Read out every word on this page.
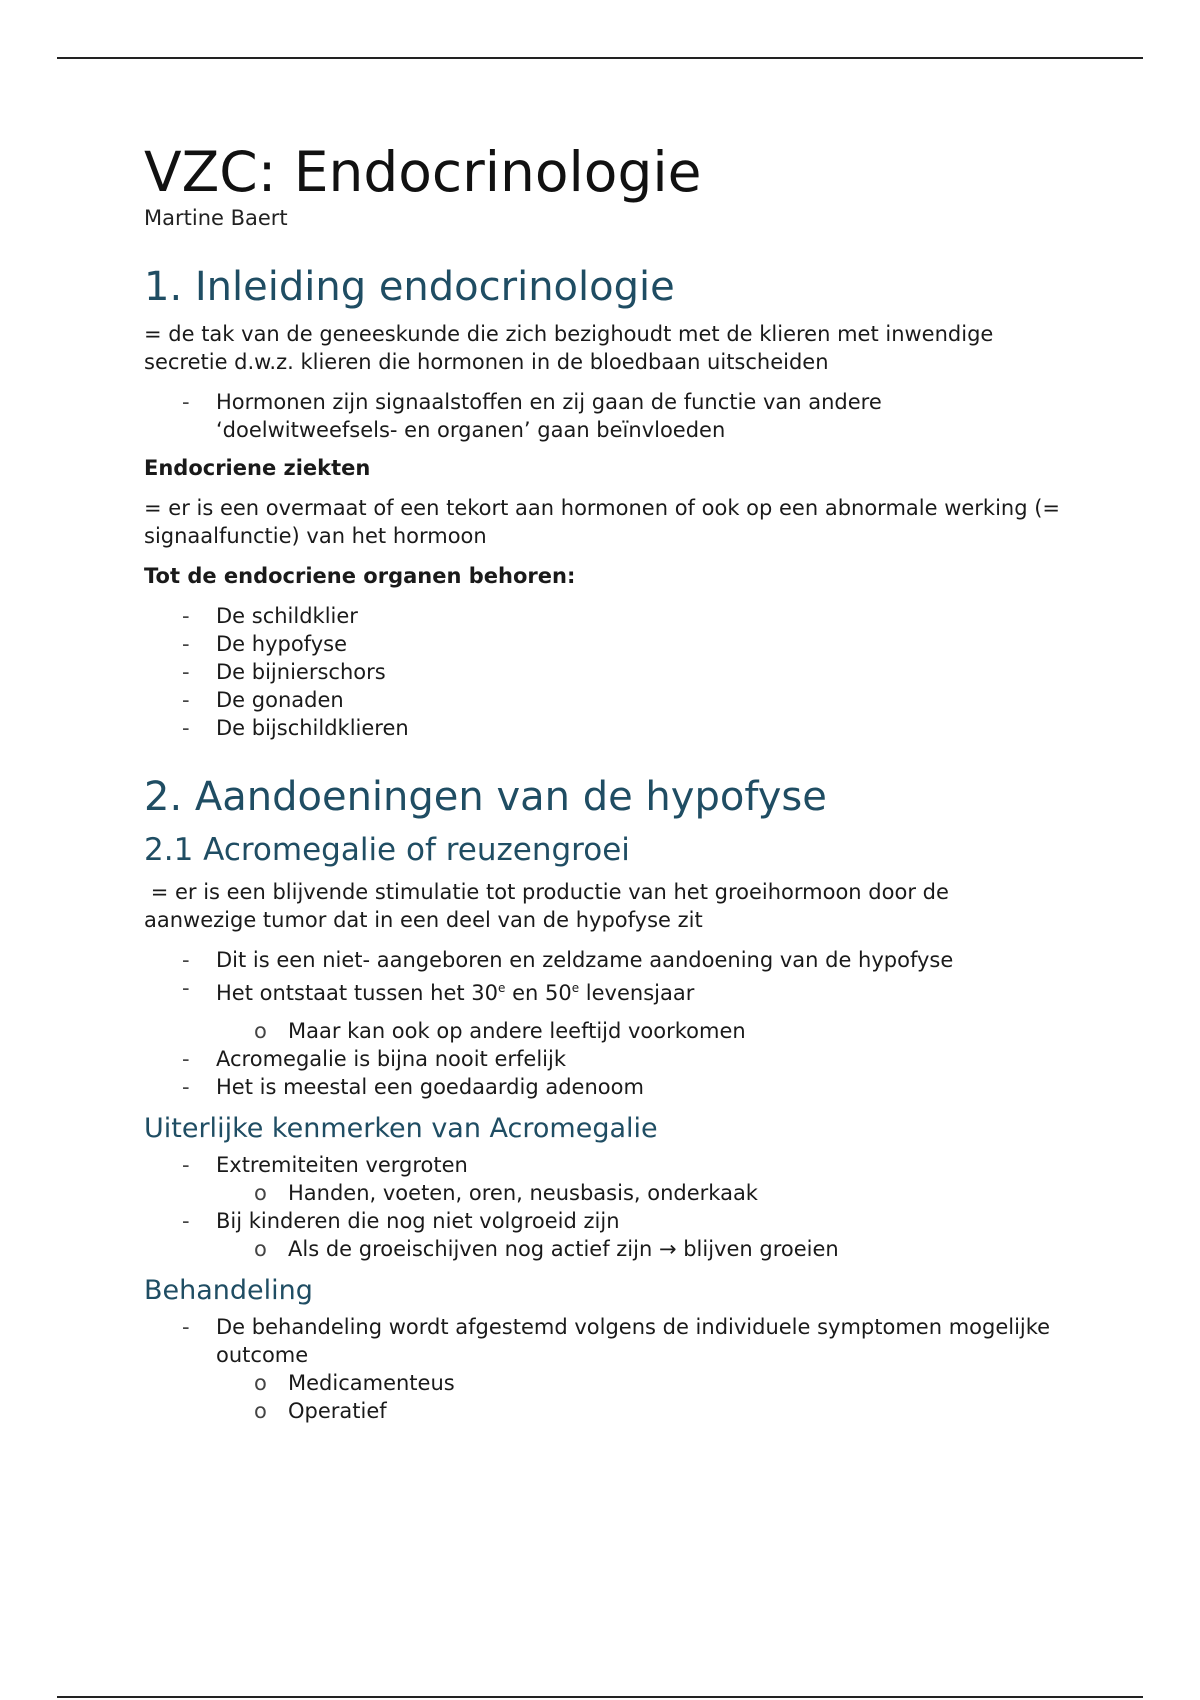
VZC: Endocrinologie

Martine Baert

1. Inleiding endocrinologie

= de tak van de geneeskunde die zich bezighoudt met de klieren met inwendige secretie d.w.z. klieren die hormonen in de bloedbaan uitscheiden

- Hormonen zijn signaalstoffen en zij gaan de functie van andere ‘doelwitweefsels- en organen’ gaan beïnvloeden

Endocriene ziekten

= er is een overmaat of een tekort aan hormonen of ook op een abnormale werking (= signaalfunctie) van het hormoon

Tot de endocriene organen behoren:

- De schildklier
- De hypofyse
- De bijnierschors
- De gonaden
- De bijschildklieren
2. Aandoeningen van de hypofyse
2.1 Acromegalie of reuzengroei

= er is een blijvende stimulatie tot productie van het groeihormoon door de aanwezige tumor dat in een deel van de hypofyse zit

- Dit is een niet- aangeboren en zeldzame aandoening van de hypofyse
- Het ontstaat tussen het 30e en 50e levensjaar
o Maar kan ook op andere leeftijd voorkomen
- Acromegalie is bijna nooit erfelijk
- Het is meestal een goedaardig adenoom
Uiterlijke kenmerken van Acromegalie
- Extremiteiten vergroten
o Handen, voeten, oren, neusbasis, onderkaak
- Bij kinderen die nog niet volgroeid zijn
o Als de groeischijven nog actief zijn → blijven groeien
Behandeling
- De behandeling wordt afgestemd volgens de individuele symptomen mogelijke outcome
o Medicamenteus
o Operatief
